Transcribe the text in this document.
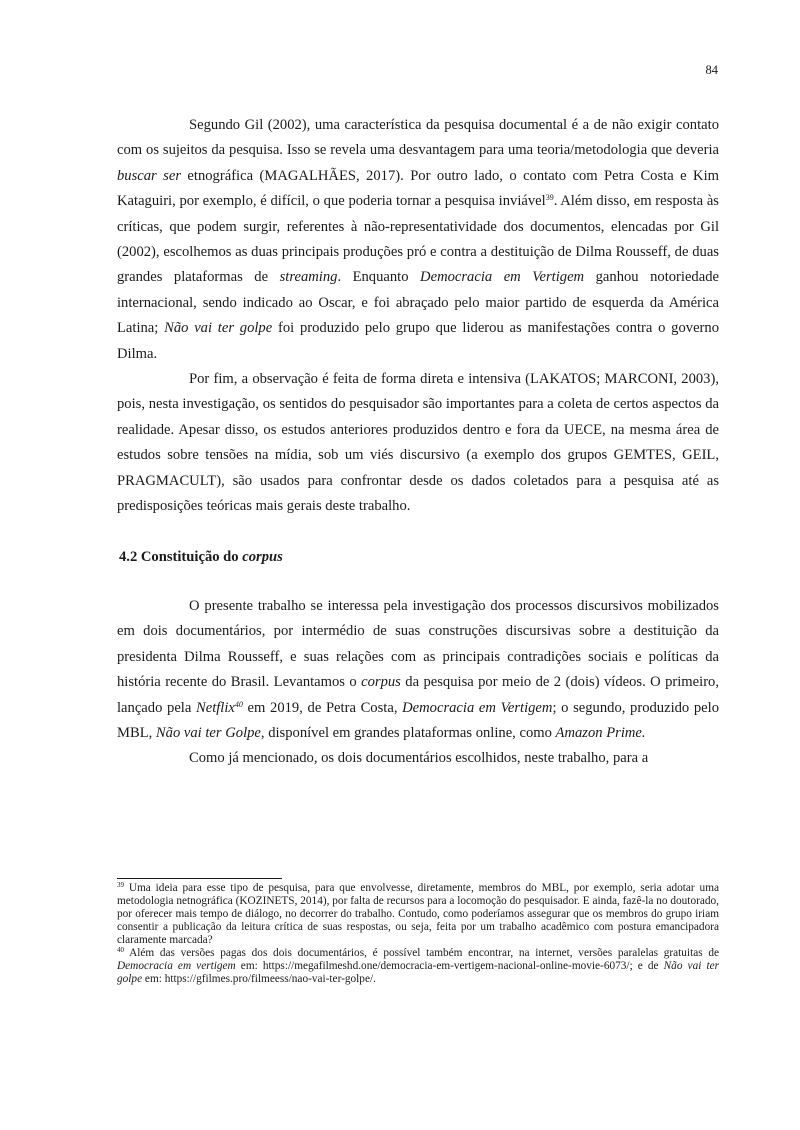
84

Segundo Gil (2002), uma característica da pesquisa documental é a de não exigir contato com os sujeitos da pesquisa. Isso se revela uma desvantagem para uma teoria/metodologia que deveria buscar ser etnográfica (MAGALHÃES, 2017). Por outro lado, o contato com Petra Costa e Kim Kataguiri, por exemplo, é difícil, o que poderia tornar a pesquisa inviável$^{39}$. Além disso, em resposta às críticas, que podem surgir, referentes à não-representatividade dos documentos, elencadas por Gil (2002), escolhemos as duas principais produções pró e contra a destituição de Dilma Rousseff, de duas grandes plataformas de streaming. Enquanto Democracia em Vertigem ganhou notoriedade internacional, sendo indicado ao Oscar, e foi abraçado pelo maior partido de esquerda da América Latina; Não vai ter golpe foi produzido pelo grupo que liderou as manifestações contra o governo Dilma.

Por fim, a observação é feita de forma direta e intensiva (LAKATOS; MARCONI, 2003), pois, nesta investigação, os sentidos do pesquisador são importantes para a coleta de certos aspectos da realidade. Apesar disso, os estudos anteriores produzidos dentro e fora da UECE, na mesma área de estudos sobre tensões na mídia, sob um viés discursivo (a exemplo dos grupos GEMTES, GEIL, PRAGMACULT), são usados para confrontar desde os dados coletados para a pesquisa até as predisposições teóricas mais gerais deste trabalho.

4.2 Constituição do corpus

O presente trabalho se interessa pela investigação dos processos discursivos mobilizados em dois documentários, por intermédio de suas construções discursivas sobre a destituição da presidenta Dilma Rousseff, e suas relações com as principais contradições sociais e políticas da história recente do Brasil. Levantamos o corpus da pesquisa por meio de 2 (dois) vídeos. O primeiro, lançado pela Netflix$^{40}$ em 2019, de Petra Costa, Democracia em Vertigem; o segundo, produzido pelo MBL, Não vai ter Golpe, disponível em grandes plataformas online, como Amazon Prime.

Como já mencionado, os dois documentários escolhidos, neste trabalho, para a

$^{39}$ Uma ideia para esse tipo de pesquisa, para que envolvesse, diretamente, membros do MBL, por exemplo, seria adotar uma metodologia netnográfica (KOZINETS, 2014), por falta de recursos para a locomoção do pesquisador. E ainda, fazê-la no doutorado, por oferecer mais tempo de diálogo, no decorrer do trabalho. Contudo, como poderíamos assegurar que os membros do grupo iriam consentir a publicação da leitura crítica de suas respostas, ou seja, feita por um trabalho acadêmico com postura emancipadora claramente marcada?

$^{40}$ Além das versões pagas dos dois documentários, é possível também encontrar, na internet, versões paralelas gratuitas de Democracia em vertigem em: https://megafilmeshd.one/democracia-em-vertigem-nacional-online-movie-6073/; e de Não vai ter golpe em: https://gfilmes.pro/filmeess/nao-vai-ter-golpe/.
